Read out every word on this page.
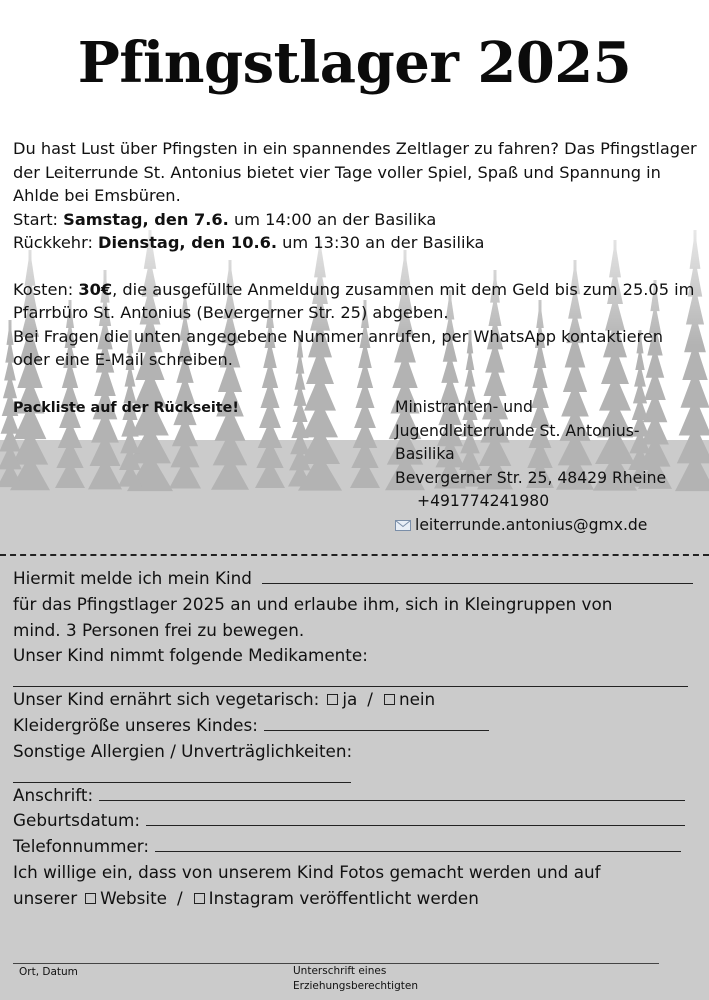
Pfingstlager 2025

Du hast Lust über Pfingsten in ein spannendes Zeltlager zu fahren? Das Pfingstlager der Leiterrunde St. Antonius bietet vier Tage voller Spiel, Spaß und Spannung in Ahlde bei Emsbüren.

Start: Samstag, den 7.6. um 14:00 an der Basilika

Rückkehr: Dienstag, den 10.6. um 13:30 an der Basilika

Kosten: 30€, die ausgefüllte Anmeldung zusammen mit dem Geld bis zum 25.05 im Pfarrbüro St. Antonius (Bevergerner Str. 25) abgeben.

Bei Fragen die unten angegebene Nummer anrufen, per WhatsApp kontaktieren oder eine E-Mail schreiben.

Packliste auf der Rückseite!	Ministranten- und
Jugendleiterrunde St. Antonius-
Basilika
Bevergerner Str. 25, 48429 Rheine
+491774241980
leiterrunde.antonius@gmx.de
Hiermit melde ich mein Kind
für das Pfingstlager 2025 an und erlaube ihm, sich in Kleingruppen von
mind. 3 Personen frei zu bewegen.
Unser Kind nimmt folgende Medikamente:
Unser Kind ernährt sich vegetarisch: ja / nein
Kleidergröße unseres Kindes:
Sonstige Allergien / Unverträglichkeiten:
Anschrift:
Geburtsdatum:
Telefonnummer:
Ich willige ein, dass von unserem Kind Fotos gemacht werden und auf
unserer Website / Instagram veröffentlicht werden
Ort, Datum	Unterschrift eines
Erziehungsberechtigten
